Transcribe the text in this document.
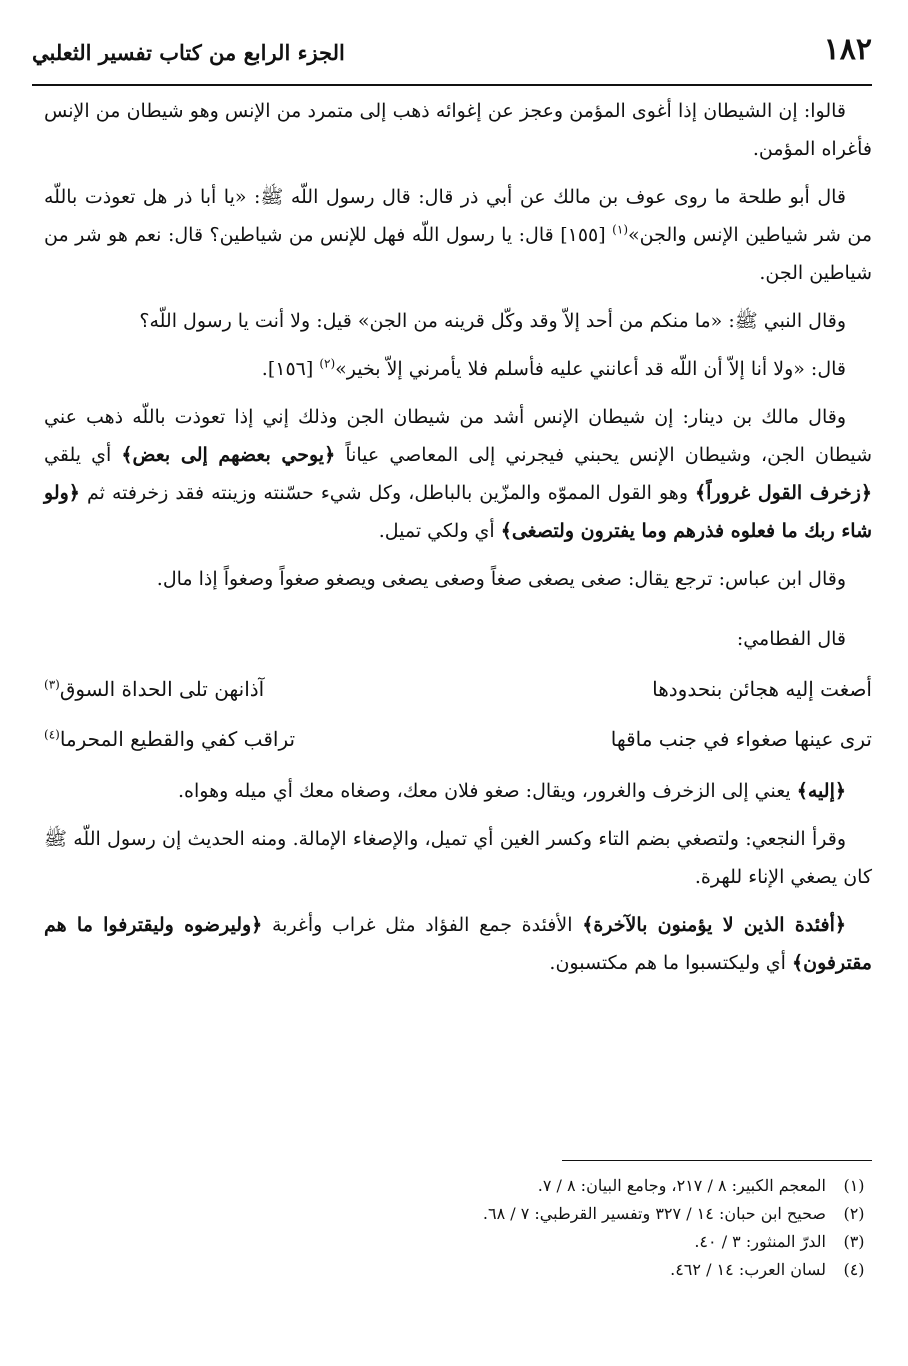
١٨٢
الجزء الرابع من كتاب تفسير الثعلبي

قالوا: إن الشيطان إذا أغوى المؤمن وعجز عن إغوائه ذهب إلى متمرد من الإنس وهو شيطان من الإنس فأغراه المؤمن.

قال أبو طلحة ما روى عوف بن مالك عن أبي ذر قال: قال رسول اللّه ﷺ: «يا أبا ذر هل تعوذت باللّه من شر شياطين الإنس والجن»$^{(١)}$ [١٥٥] قال: يا رسول اللّه فهل للإنس من شياطين؟ قال: نعم هو شر من شياطين الجن.

وقال النبي ﷺ: «ما منكم من أحد إلاّ وقد وكّل قرينه من الجن» قيل: ولا أنت يا رسول اللّه؟

قال: «ولا أنا إلاّ أن اللّه قد أعانني عليه فأسلم فلا يأمرني إلاّ بخير»$^{(٢)}$ [١٥٦].

وقال مالك بن دينار: إن شيطان الإنس أشد من شيطان الجن وذلك إني إذا تعوذت باللّه ذهب عني شيطان الجن، وشيطان الإنس يحبني فيجرني إلى المعاصي عياناً ﴿يوحي بعضهم إلى بعض﴾ أي يلقي ﴿زخرف القول غروراً﴾ وهو القول المموّه والمزّين بالباطل، وكل شيء حسّنته وزينته فقد زخرفته ثم ﴿ولو شاء ربك ما فعلوه فذرهم وما يفترون ولتصغى﴾ أي ولكي تميل.

وقال ابن عباس: ترجع يقال: صغى يصغى صغاً وصغى يصغى ويصغو صغواً وصغواً إذا مال.

قال الفطامي:

أصغت إليه هجائن بنحدودها
آذانهن تلى الحداة السوق$^{(٣)}$
ترى عينها صغواء في جنب ماقها
تراقب كفي والقطيع المحرما$^{(٤)}$

﴿إليه﴾ يعني إلى الزخرف والغرور، ويقال: صغو فلان معك، وصغاه معك أي ميله وهواه.

وقرأ النجعي: ولتصغي بضم التاء وكسر الغين أي تميل، والإصغاء الإمالة. ومنه الحديث إن رسول اللّه ﷺ كان يصغي الإناء للهرة.

﴿أفئدة الذين لا يؤمنون بالآخرة﴾ الأفئدة جمع الفؤاد مثل غراب وأغربة ﴿وليرضوه وليقترفوا ما هم مقترفون﴾ أي وليكتسبوا ما هم مكتسبون.

(١)
المعجم الكبير: ٨ / ٢١٧، وجامع البيان: ٨ / ٧.
(٢)
صحيح ابن حبان: ١٤ / ٣٢٧ وتفسير القرطبي: ٧ / ٦٨.
(٣)
الدرّ المنثور: ٣ / ٤٠.
(٤)
لسان العرب: ١٤ / ٤٦٢.
